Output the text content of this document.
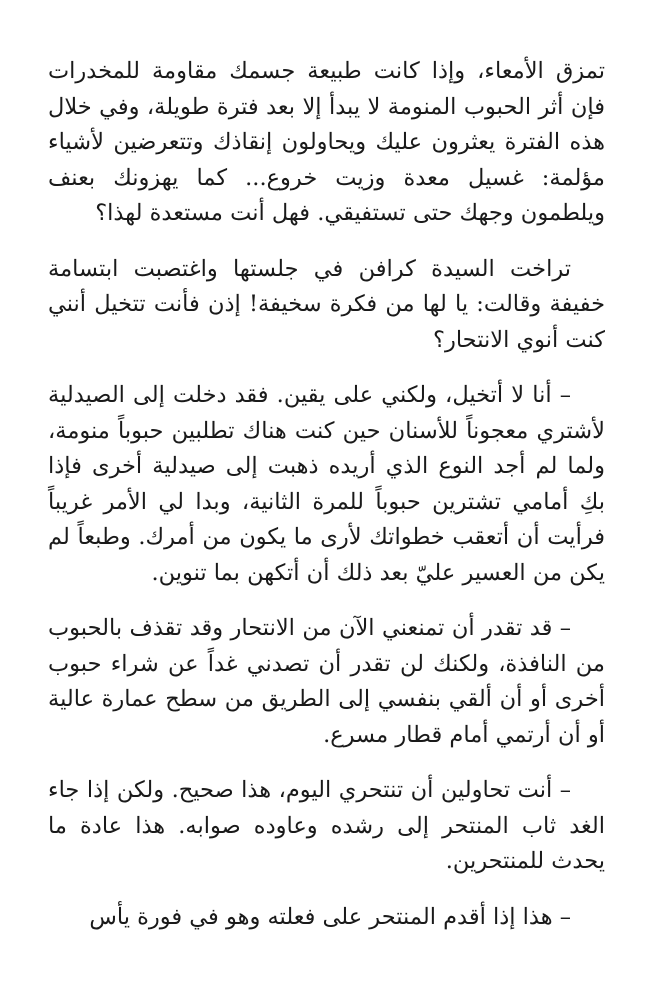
تمزق الأمعاء، وإذا كانت طبيعة جسمك مقاومة للمخدرات فإن أثر الحبوب المنومة لا يبدأ إلا بعد فترة طويلة، وفي خلال هذه الفترة يعثرون عليك ويحاولون إنقاذك وتتعرضين لأشياء مؤلمة: غسيل معدة وزيت خروع... كما يهزونك بعنف ويلطمون وجهك حتى تستفيقي. فهل أنت مستعدة لهذا؟

تراخت السيدة كرافن في جلستها واغتصبت ابتسامة خفيفة وقالت: يا لها من فكرة سخيفة! إذن فأنت تتخيل أنني كنت أنوي الانتحار؟

– أنا لا أتخيل، ولكني على يقين. فقد دخلت إلى الصيدلية لأشتري معجوناً للأسنان حين كنت هناك تطلبين حبوباً منومة، ولما لم أجد النوع الذي أريده ذهبت إلى صيدلية أخرى فإذا بكِ أمامي تشترين حبوباً للمرة الثانية، وبدا لي الأمر غريباً فرأيت أن أتعقب خطواتك لأرى ما يكون من أمرك. وطبعاً لم يكن من العسير عليّ بعد ذلك أن أتكهن بما تنوين.

– قد تقدر أن تمنعني الآن من الانتحار وقد تقذف بالحبوب من النافذة، ولكنك لن تقدر أن تصدني غداً عن شراء حبوب أخرى أو أن ألقي بنفسي إلى الطريق من سطح عمارة عالية أو أن أرتمي أمام قطار مسرع.

– أنت تحاولين أن تنتحري اليوم، هذا صحيح. ولكن إذا جاء الغد ثاب المنتحر إلى رشده وعاوده صوابه. هذا عادة ما يحدث للمنتحرين.

– هذا إذا أقدم المنتحر على فعلته وهو في فورة يأس
